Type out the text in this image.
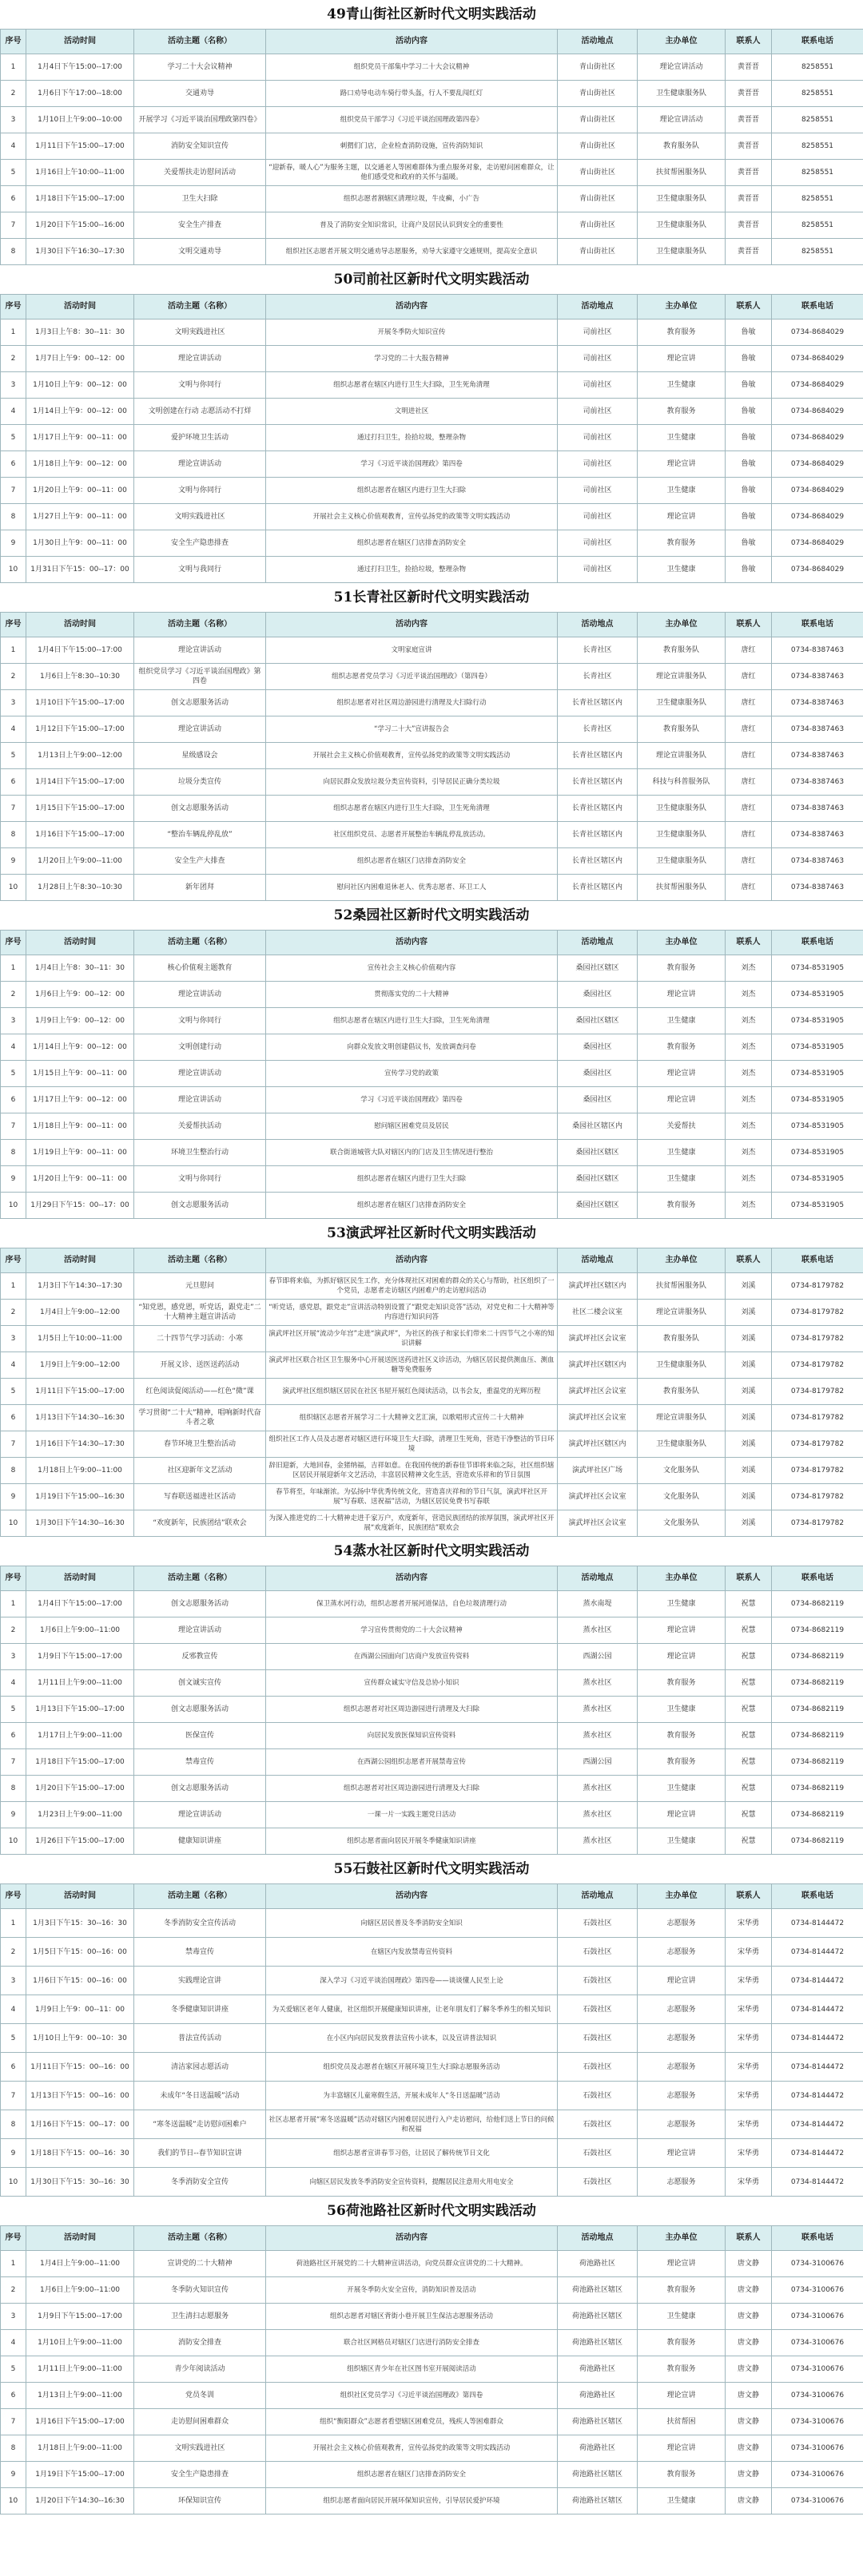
49青山街社区新时代文明实践活动
序号	活动时间	活动主题（名称）	活动内容	活动地点	主办单位	联系人	联系电话
1	1月4日下午15:00--17:00	学习二十大会议精神	组织党员干部集中学习二十大会议精神	青山街社区	理论宣讲活动	黄晋晋	8258551
2	1月6日下午17:00--18:00	交通劝导	路口劝导电动车骑行带头盔，行人不要乱闯红灯	青山街社区	卫生健康服务队	黄晋晋	8258551
3	1月10日上午9:00--10:00	开展学习《习近平谈治国理政第四卷》	组织党员干部学习《习近平谈治国理政第四卷》	青山街社区	理论宣讲活动	黄晋晋	8258551
4	1月11日下午15:00--17:00	消防安全知识宣传	刺猬们门店，企业检查消防设施，宣传消防知识	青山街社区	教育服务队	黄晋晋	8258551
5	1月16日上午10:00--11:00	关爱帮扶走访慰问活动	“迎新春，暖人心”为服务主题，以交通老人等困难群体为重点服务对象，走访慰问困难群众，让他们感受党和政府的关怀与温暖。	青山街社区	扶贫帮困服务队	黄晋晋	8258551
6	1月18日下午15:00--17:00	卫生大扫除	组织志愿者割辖区清理垃圾，牛皮癣，小广告	青山街社区	卫生健康服务队	黄晋晋	8258551
7	1月20日下午15:00--16:00	安全生产排查	普及了消防安全知识常识，让商户及居民认识到安全的重要性	青山街社区	卫生健康服务队	黄晋晋	8258551
8	1月30日下午16:30--17:30	文明交通劝导	组织社区志愿者开展文明交通劝导志愿服务，劝导大家遵守交通规则，提高安全意识	青山街社区	卫生健康服务队	黄晋晋	8258551
50司前社区新时代文明实践活动
序号	活动时间	活动主题（名称）	活动内容	活动地点	主办单位	联系人	联系电话
1	1月3日上午8：30--11：30	文明実践进社区	开展冬季防火知识宣传	司前社区	教育服务	鲁敏	0734-8684029
2	1月7日上午9：00--12：00	理论宣讲活动	学习党的二十大报告精神	司前社区	理论宣讲	鲁敏	0734-8684029
3	1月10日上午9：00--12：00	文明与你同行	组织志愿者在辖区内进行卫生大扫除，卫生死角清理	司前社区	卫生健康	鲁敏	0734-8684029
4	1月14日上午9：00--12：00	文明创建在行动 志愿活动不打烊	文明进社区	司前社区	教育服务	鲁敏	0734-8684029
5	1月17日上午9：00--11：00	爱护环境卫生活动	通过打扫卫生，捡拾垃圾，整理杂物	司前社区	卫生健康	鲁敏	0734-8684029
6	1月18日上午9：00--12：00	理论宣讲活动	学习《习近平谈治国理政》第四卷	司前社区	理论宣讲	鲁敏	0734-8684029
7	1月20日上午9：00--11：00	文明与你同行	组织志愿者在辖区内进行卫生大扫除	司前社区	卫生健康	鲁敏	0734-8684029
8	1月27日上午9：00--11：00	文明实践进社区	开展社会主义核心价值观教育，宣传弘扬党的政策等文明实践活动	司前社区	理论宣讲	鲁敏	0734-8684029
9	1月30日上午9：00--11：00	安全生产隐患排查	组织志愿者在辖区门店排查消防安全	司前社区	教育服务	鲁敏	0734-8684029
10	1月31日下午15：00--17：00	文明与我同行	通过打扫卫生，捡拾垃圾，整理杂物	司前社区	卫生健康	鲁敏	0734-8684029
51长青社区新时代文明实践活动
序号	活动时间	活动主题（名称）	活动内容	活动地点	主办单位	联系人	联系电话
1	1月4日下午15:00--17:00	理论宣讲活动	文明家庭宣讲	长青社区	教育服务队	唐红	0734-8387463
2	1月6日上午8:30--10:30	组织党员学习《习近平谈治国理政》第四卷	组织志愿者党员学习《习近平谈治国理政》（第四卷）	长青社区	理论宣讲服务队	唐红	0734-8387463
3	1月10日下午15:00--17:00	创文志愿服务活动	组织志愿者对社区周边游园进行清理及大扫除行动	长青社区辖区内	卫生健康服务队	唐红	0734-8387463
4	1月12日下午15:00--17:00	理论宣讲活动	“学习二十大”宣讲报告会	长青社区	教育服务队	唐红	0734-8387463
5	1月13日上午9:00--12:00	星级感设会	开展社会主义核心价值观教育，宣传弘扬党的政策等文明实践活动	长青社区辖区内	理论宣讲服务队	唐红	0734-8387463
6	1月14日下午15:00--17:00	垃圾分类宣传	向居民群众发放垃圾分类宣传资料，引导居民正确分类垃圾	长青社区辖区内	科技与科普服务队	唐红	0734-8387463
7	1月15日下午15:00--17:00	创文志愿服务活动	组织志愿者在辖区内进行卫生大扫除，卫生死角清理	长青社区辖区内	卫生健康服务队	唐红	0734-8387463
8	1月16日下午15:00--17:00	“整治车辆乱停乱放”	社区组织党员、志愿者开展整治车辆乱停乱放活动。	长青社区辖区内	卫生健康服务队	唐红	0734-8387463
9	1月20日上午9:00--11:00	安全生产大排查	组织志愿者在辖区门店排查消防安全	长青社区辖区内	卫生健康服务队	唐红	0734-8387463
10	1月28日上午8:30--10:30	新年团拜	慰问社区内困难退休老人、优秀志愿者、环卫工人	长青社区辖区内	扶贫帮困服务队	唐红	0734-8387463
52桑园社区新时代文明实践活动
序号	活动时间	活动主题（名称）	活动内容	活动地点	主办单位	联系人	联系电话
1	1月4日上午8：30--11：30	核心价值观主题教育	宣传社会主义核心价值观内容	桑园社区辖区	教育服务	刘杰	0734-8531905
2	1月6日上午9：00--12：00	理论宣讲活动	贯彻落实党的二十大精神	桑园社区	理论宣讲	刘杰	0734-8531905
3	1月9日上午9：00--12：00	文明与你同行	组织志愿者在辖区内进行卫生大扫除，卫生死角清理	桑园社区辖区	卫生健康	刘杰	0734-8531905
4	1月14日上午9：00--12：00	文明创建行动	向群众发放文明创建倡议书，发放调查问卷	桑园社区	教育服务	刘杰	0734-8531905
5	1月15日上午9：00--11：00	理论宣讲活动	宣传学习党的政策	桑园社区	理论宣讲	刘杰	0734-8531905
6	1月17日上午9：00--12：00	理论宣讲活动	学习《习近平谈治国理政》第四卷	桑园社区	理论宣讲	刘杰	0734-8531905
7	1月18日上午9：00--11：00	关爱帮扶活动	慰问辖区困难党员及居民	桑园社区辖区内	关爱帮扶	刘杰	0734-8531905
8	1月19日上午9：00--11：00	环境卫生整治行动	联合街道城管大队对辖区内的门店及卫生情况进行整治	桑园社区辖区	卫生健康	刘杰	0734-8531905
9	1月20日上午9：00--11：00	文明与你同行	组织志愿者在辖区内进行卫生大扫除	桑园社区辖区	卫生健康	刘杰	0734-8531905
10	1月29日下午15：00--17：00	创文志愿服务活动	组织志愿者在辖区门店排查消防安全	桑园社区辖区	教育服务	刘杰	0734-8531905
53演武坪社区新时代文明实践活动
序号	活动时间	活动主题（名称）	活动内容	活动地点	主办单位	联系人	联系电话
1	1月3日下午14:30--17:30	元旦慰问	春节即将来临，为抓好辖区民生工作，充分体现社区对困难的群众的关心与帮助，社区组织了一个党员，志愿者走访辖区内困难户的走访慰问活动	演武坪社区辖区内	扶贫帮困服务队	刘溪	0734-8179782
2	1月4日上午9:00--12:00	“知党恩，感党恩，听党话，跟党走”二十大精神主题宣讲活动	“听党话，感党恩，跟党走”宣讲活动特别设置了“跟党走知识竞答”活动，对党史和二十大精神等内容进行知识问答	社区二楼会议室	理论宣讲服务队	刘溪	0734-8179782
3	1月5日上午10:00--11:00	二十四节气学习活动：小寒	演武坪社区开展“流动少年宫”走进“演武坪”，为社区的孩子和家长们带来二十四节气之小寒的知识讲解	演武坪社区会议室	教育服务队	刘溪	0734-8179782
4	1月9日上午9:00--12:00	开展义诊、送医送药活动	演武坪社区联合社区卫生服务中心开展送医送药进社区义诊活动，为辖区居民提供测血压、测血糖等免费服务	演武坪社区辖区内	卫生健康服务队	刘溪	0734-8179782
5	1月11日下午15:00--17:00	红色阅读促阅活动——红色“微”课	演武坪社区组织辖区居民在社区书屋开展红色阅读活动，以书会友，重温党的光辉历程	演武坪社区会议室	教育服务队	刘溪	0734-8179782
6	1月13日下午14:30--16:30	学习贯彻“二十大”精神，唱响新时代奋斗者之歌	组织辖区志愿者开展学习二十大精神文艺汇演，以歌唱形式宣传二十大精神	演武坪社区会议室	理论宣讲服务队	刘溪	0734-8179782
7	1月16日下午14:30--17:30	春节环境卫生整治活动	组织社区工作人员及志愿者对辖区进行环境卫生大扫除，清理卫生死角，营造干净整洁的节日环境	演武坪社区辖区内	卫生健康服务队	刘溪	0734-8179782
8	1月18日上午9:00--11:00	社区迎新年文艺活动	辞旧迎新，大地回春，金猪纳福，吉祥如意。在我国传统的新春佳节即将来临之际，社区组织辖区居民开展迎新年文艺活动，丰富居民精神文化生活，营造欢乐祥和的节日氛围	演武坪社区广场	文化服务队	刘溪	0734-8179782
9	1月19日下午15:00--16:30	写春联送福进社区活动	春节将至，年味渐浓。为弘扬中华优秀传统文化，营造喜庆祥和的节日气氛，演武坪社区开展“写春联、送祝福”活动，为辖区居民免费书写春联	演武坪社区会议室	文化服务队	刘溪	0734-8179782
10	1月30日下午14:30--16:30	“欢度新年，民族团结”联欢会	为深入推进党的二十大精神走进千家万户，欢度新年，营造民族团结的浓厚氛围，演武坪社区开展“欢度新年，民族团结”联欢会	演武坪社区会议室	文化服务队	刘溪	0734-8179782
54蒸水社区新时代文明实践活动
序号	活动时间	活动主题（名称）	活动内容	活动地点	主办单位	联系人	联系电话
1	1月4日下午15:00--17:00	创文志愿服务活动	保卫蒸水河行动，组织志愿者开展河道保洁，自色垃圾清理行动	蒸水南堤	卫生健康	祝慧	0734-8682119
2	1月6日上午9:00--11:00	理论宣讲活动	学习宣传贯彻党的二十大会议精神	蒸水社区	理论宣讲	祝慧	0734-8682119
3	1月9日下午15:00--17:00	反邪教宣传	在西湖公园面向门店商户发放宣传资料	西湖公园	理论宣讲	祝慧	0734-8682119
4	1月11日上午9:00--11:00	创文诚实宣传	宣传群众诚实守信及总协小知识	蒸水社区	教育服务	祝慧	0734-8682119
5	1月13日下午15:00--17:00	创文志愿服务活动	组织志愿者对社区周边游园进行清理及大扫除	蒸水社区	卫生健康	祝慧	0734-8682119
6	1月17日上午9:00--11:00	医保宣传	向居民发放医保知识宣传资料	蒸水社区	教育服务	祝慧	0734-8682119
7	1月18日下午15:00--17:00	禁毒宣传	在西湖公园组织志愿者开展禁毒宣传	西湖公园	教育服务	祝慧	0734-8682119
8	1月20日下午15:00--17:00	创文志愿服务活动	组织志愿者对社区周边游园进行清理及大扫除	蒸水社区	卫生健康	祝慧	0734-8682119
9	1月23日上午9:00--11:00	理论宣讲活动	一课一片一实践主题党日活动	蒸水社区	理论宣讲	祝慧	0734-8682119
10	1月26日下午15:00--17:00	健康知识讲座	组织志愿者面向居民开展冬季健康知识讲座	蒸水社区	卫生健康	祝慧	0734-8682119
55石鼓社区新时代文明实践活动
序号	活动时间	活动主题（名称）	活动内容	活动地点	主办单位	联系人	联系电话
1	1月3日下午15：30--16：30	冬季消防安全宣传活动	向辖区居民普及冬季消防安全知识	石鼓社区	志愿服务	宋华勇	0734-8144472
2	1月5日下午15：00--16：00	禁毒宣传	在辖区内发放禁毒宣传资料	石鼓社区	志愿服务	宋华勇	0734-8144472
3	1月6日下午15：00--16：00	实践理论宣讲	深入学习《习近平谈治国理政》第四卷——谈谈懂人民至上论	石鼓社区	理论宣讲	宋华勇	0734-8144472
4	1月9日上午9：00--11：00	冬季健康知识讲座	为关爱辖区老年人健康，社区组织开展健康知识讲座，让老年朋友们了解冬季养生的相关知识	石鼓社区	志愿服务	宋华勇	0734-8144472
5	1月10日上午9：00--10：30	普法宣传活动	在小区内向居民发放普法宣传小读本，以及宣讲普法知识	石鼓社区	志愿服务	宋华勇	0734-8144472
6	1月11日下午15：00--16：00	清洁家园志愿活动	组织党员及志愿者在辖区开展环境卫生大扫除志愿服务活动	石鼓社区	志愿服务	宋华勇	0734-8144472
7	1月13日下午15：00--16：00	未成年“冬日送温暖”活动	为丰富辖区儿童寒假生活，开展未成年人“冬日送温暖”活动	石鼓社区	志愿服务	宋华勇	0734-8144472
8	1月16日下午15：00--17：00	“寒冬送温暖”走访慰问困难户	社区志愿者开展“寒冬送温暖”活动对辖区内困难居民进行入户走访慰问，给他们送上节日的问候和祝福	石鼓社区	志愿服务	宋华勇	0734-8144472
9	1月18日下午15：00--16：30	我们的节日--春节知识宣讲	组织志愿者宣讲春节习俗，让居民了解传统节日文化	石鼓社区	理论宣讲	宋华勇	0734-8144472
10	1月30日下午15：30--16：30	冬季消防安全宣传	向辖区居民发放冬季消防安全宣传资料，提醒居民注意用火用电安全	石鼓社区	志愿服务	宋华勇	0734-8144472
56荷池路社区新时代文明实践活动
序号	活动时间	活动主题（名称）	活动内容	活动地点	主办单位	联系人	联系电话
1	1月4日上午9:00--11:00	宣讲党的二十大精神	荷池路社区开展党的二十大精神宣讲活动，向党员群众宣讲党的二十大精神。	荷池路社区	理论宣讲	唐文静	0734-3100676
2	1月6日上午9:00--11:00	冬季防火知识宣传	开展冬季防火安全宣传，消防知识普及活动	荷池路社区辖区	教育服务	唐文静	0734-3100676
3	1月9日下午15:00--17:00	卫生清扫志愿服务	组织志愿者对辖区背街小巷开展卫生保洁志愿服务活动	荷池路社区辖区	卫生健康	唐文静	0734-3100676
4	1月10日上午9:00--11:00	消防安全排查	联合社区网格员对辖区门店进行消防安全排查	荷池路社区辖区	教育服务	唐文静	0734-3100676
5	1月11日上午9:00--11:00	青少年阅读活动	组织辖区青少年在社区图书室开展阅读活动	荷池路社区	教育服务	唐文静	0734-3100676
6	1月13日上午9:00--11:00	党员冬训	组织社区党员学习《习近平谈治国理政》第四卷	荷池路社区	理论宣讲	唐文静	0734-3100676
7	1月16日下午15:00--17:00	走访慰问困难群众	组织“衡阳群众”志愿者看望辖区困难党员，残疾人等困难群众	荷池路社区辖区	扶贫帮困	唐文静	0734-3100676
8	1月18日上午9:00--11:00	文明实践进社区	开展社会主义核心价值观教育，宣传弘扬党的政策等文明实践活动	荷池路社区	理论宣讲	唐文静	0734-3100676
9	1月19日下午15:00--17:00	安全生产隐患排查	组织志愿者在辖区门店排查消防安全	荷池路社区辖区	教育服务	唐文静	0734-3100676
10	1月20日下午14:30--16:30	环保知识宣传	组织志愿者面向居民开展环保知识宣传，引导居民爱护环境	荷池路社区辖区	卫生健康	唐文静	0734-3100676
